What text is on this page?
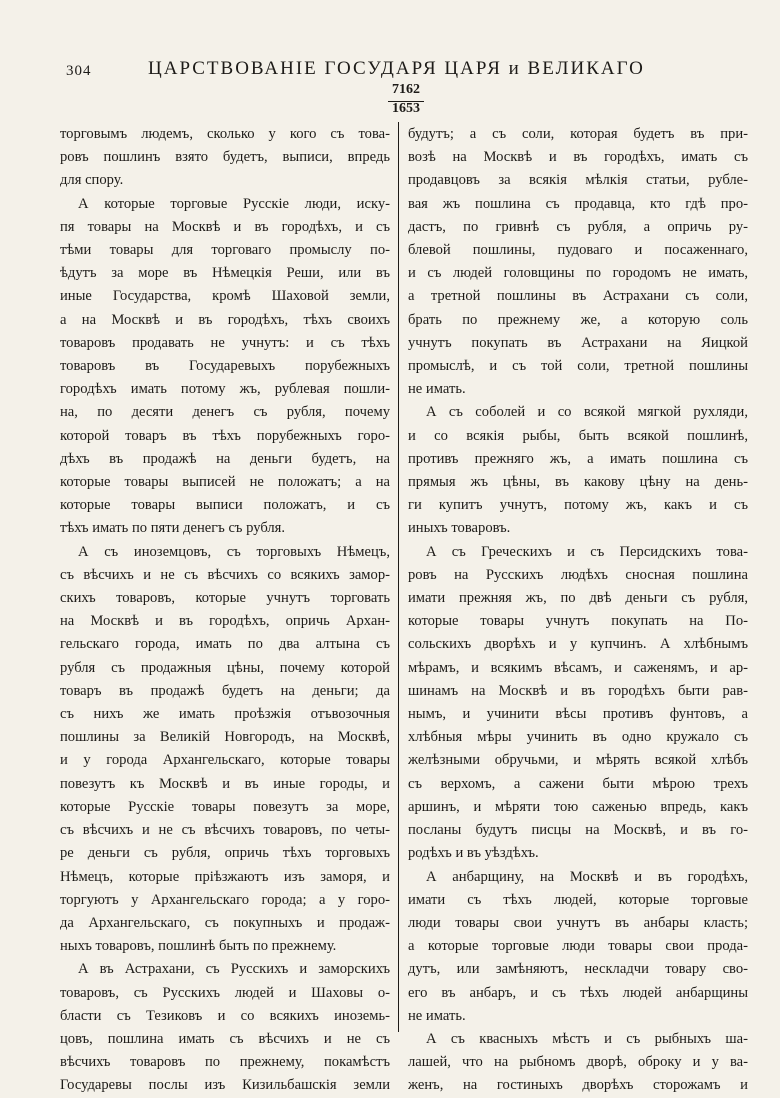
304	ЦАРСТВОВАНІЕ ГОСУДАРЯ ЦАРЯ и ВЕЛИКАГО
7162
1653

торговымъ людемъ, сколько у кого съ това-

ровъ пошлинъ взято будетъ, выписи, впредь

для спору.

А которые торговые Русскіе люди, иску-

пя товары на Москвѣ и въ городѣхъ, и съ

тѣми товары для торговаго промыслу по-

ѣдутъ за море въ Нѣмецкія Реши, или въ

иные Государства, кромѣ Шаховой земли,

а на Москвѣ и въ городѣхъ, тѣхъ своихъ

товаровъ продавать не учнутъ: и съ тѣхъ

товаровъ въ Государевыхъ порубежныхъ

городѣхъ имать потому жъ, рублевая пошли-

на, по десяти денегъ съ рубля, почему

которой товаръ въ тѣхъ порубежныхъ горо-

дѣхъ въ продажѣ на деньги будетъ, на

которые товары выписей не положатъ; а на

которые товары выписи положатъ, и съ

тѣхъ имать по пяти денегъ съ рубля.

А съ иноземцовъ, съ торговыхъ Нѣмецъ,

съ вѣсчихъ и не съ вѣсчихъ со всякихъ замор-

скихъ товаровъ, которые учнутъ торговать

на Москвѣ и въ городѣхъ, опричь Архан-

гельскаго города, имать по два алтына съ

рубля съ продажныя цѣны, почему которой

товаръ въ продажѣ будетъ на деньги; да

съ нихъ же имать проѣзжія отъвозочныя

пошлины за Великій Новгородъ, на Москвѣ,

и у города Архангельскаго, которые товары

повезутъ къ Москвѣ и въ иные городы, и

которые Русскіе товары повезутъ за море,

съ вѣсчихъ и не съ вѣсчихъ товаровъ, по четы-

ре деньги съ рубля, опричь тѣхъ торговыхъ

Нѣмецъ, которые пріѣзжаютъ изъ заморя, и

торгуютъ у Архангельскаго города; а у горо-

да Архангельскаго, съ покупныхъ и продаж-

ныхъ товаровъ, пошлинѣ быть по прежнему.

А въ Астрахани, съ Русскихъ и заморскихъ

товаровъ, съ Русскихъ людей и Шаховы о-

бласти съ Тезиковъ и со всякихъ иноземь-

цовъ, пошлина имать съ вѣсчихъ и не съ

вѣсчихъ товаровъ по прежнему, покамѣстъ

Государевы послы изъ Кизильбашскія земли

будутъ; а съ соли, которая будетъ въ при-

возѣ на Москвѣ и въ городѣхъ, имать съ

продавцовъ за всякія мѣлкія статьи, рубле-

вая жъ пошлина съ продавца, кто гдѣ про-

дастъ, по гривнѣ съ рубля, а опричь ру-

блевой пошлины, пудоваго и посаженнаго,

и съ людей головщины по городомъ не имать,

а третной пошлины въ Астрахани съ соли,

брать по прежнему же, а которую соль

учнутъ покупать въ Астрахани на Яицкой

промыслѣ, и съ той соли, третной пошлины

не имать.

А съ соболей и со всякой мягкой рухляди,

и со всякія рыбы, быть всякой пошлинѣ,

противъ прежняго жъ, а имать пошлина съ

прямыя жъ цѣны, въ какову цѣну на день-

ги купитъ учнутъ, потому жъ, какъ и съ

иныхъ товаровъ.

А съ Греческихъ и съ Персидскихъ това-

ровъ на Русскихъ людѣхъ сносная пошлина

имати прежняя жъ, по двѣ деньги съ рубля,

которые товары учнутъ покупать на По-

сольскихъ дворѣхъ и у купчинъ. А хлѣбнымъ

мѣрамъ, и всякимъ вѣсамъ, и саженямъ, и ар-

шинамъ на Москвѣ и въ городѣхъ быти рав-

нымъ, и учинити вѣсы противъ фунтовъ, а

хлѣбныя мѣры учинить въ одно кружало съ

желѣзными обручьми, и мѣрять всякой хлѣбъ

съ верхомъ, а сажени быти мѣрою трехъ

аршинъ, и мѣряти тою саженью впредь, какъ

посланы будутъ писцы на Москвѣ, и въ го-

родѣхъ и въ уѣздѣхъ.

А анбарщину, на Москвѣ и въ городѣхъ,

имати съ тѣхъ людей, которые торговые

люди товары свои учнутъ въ анбары класть;

а которые торговые люди товары свои прода-

дутъ, или замѣняютъ, нескладчи товару сво-

его въ анбаръ, и съ тѣхъ людей анбарщины

не имать.

А съ квасныхъ мѣстъ и съ рыбныхъ ша-

лашей, что на рыбномъ дворѣ, оброку и у ва-

женъ, на гостиныхъ дворѣхъ сторожамъ и
